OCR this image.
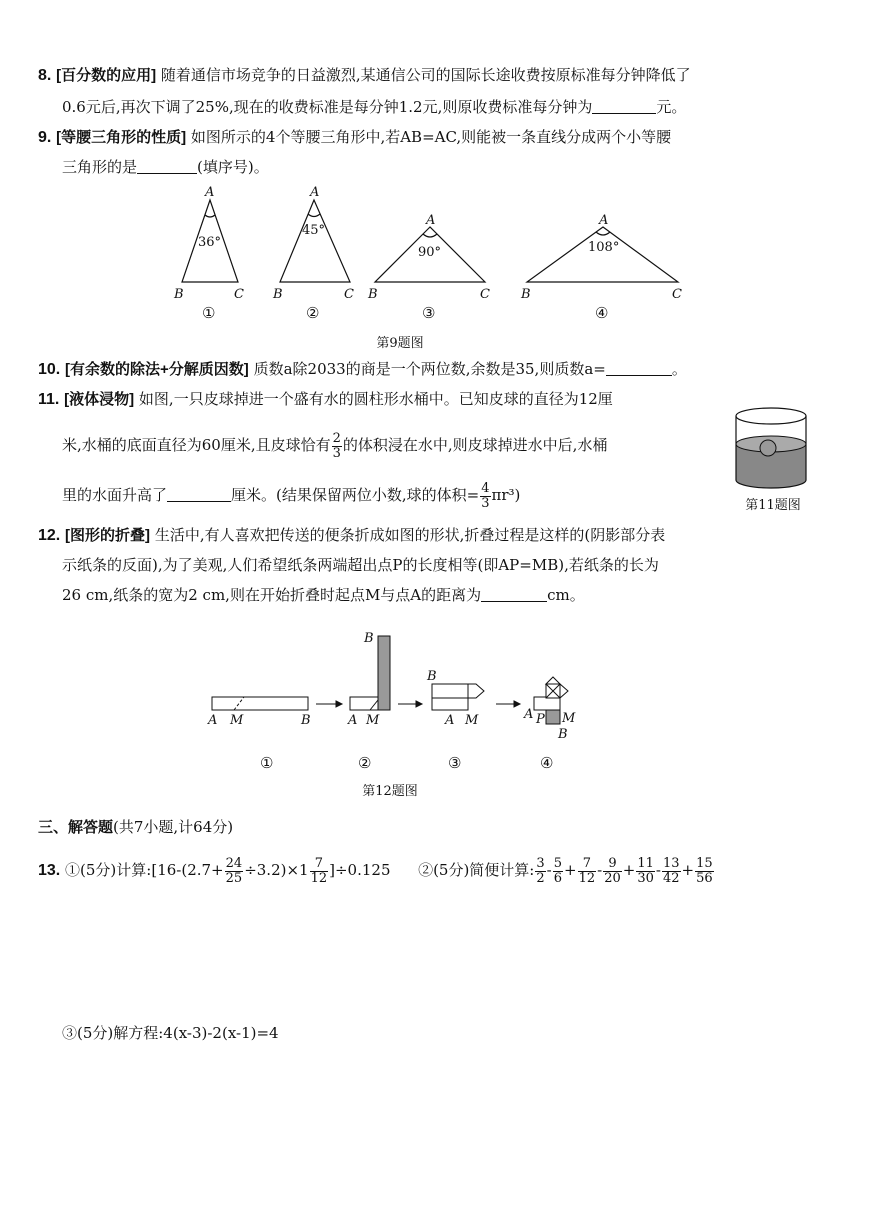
8. [百分数的应用] 随着通信市场竞争的日益激烈,某通信公司的国际长途收费按原标准每分钟降低了
0.6元后,再次下调了25%,现在的收费标准是每分钟1.2元,则原收费标准每分钟为	元。
9. [等腰三角形的性质] 如图所示的4个等腰三角形中,若AB=AC,则能被一条直线分成两个小等腰
三角形的是	(填序号)。
A
B	C
36°
A
B	C
45°
A
B	C
90°
A
B	C
108°
①	②	③	④
第9题图
10. [有余数的除法+分解质因数] 质数a除2033的商是一个两位数,余数是35,则质数a=	。
11. [液体浸物] 如图,一只皮球掉进一个盛有水的圆柱形水桶中。已知皮球的直径为12厘
米,水桶的底面直径为60厘米,且皮球恰有 $\frac{2}{3}$ 的体积浸在水中,则皮球掉进水中后,水桶
里的水面升高了	厘米。(结果保留两位小数,球的体积= $\frac{4}{3} \pi r^3$)
第11题图
12. [图形的折叠] 生活中,有人喜欢把传送的便条折成如图的形状,折叠过程是这样的(阴影部分表
示纸条的反面),为了美观,人们希望纸条两端超出点P的长度相等(即AP=MB),若纸条的长为
26 cm,纸条的宽为2 cm,则在开始折叠时起点M与点A的距离为	cm。
A M	B
B
A M
B
A M	A P M
B
①	②	③	④
第12题图
三、解答题(共7小题,计64分)
13. ①(5分)计算:[16-(2.7+ $\frac{24}{25} \div 3.2)\times 1 \frac{7}{12} ]\div 0.125$ ②(5分)简便计算: $\frac{3}{2} - \frac{5}{6} + \frac{7}{12} - \frac{9}{20} + \frac{11}{30} - \frac{13}{42} + \frac{15}{56}$
③(5分)解方程:4(x-3)-2(x-1)=4
